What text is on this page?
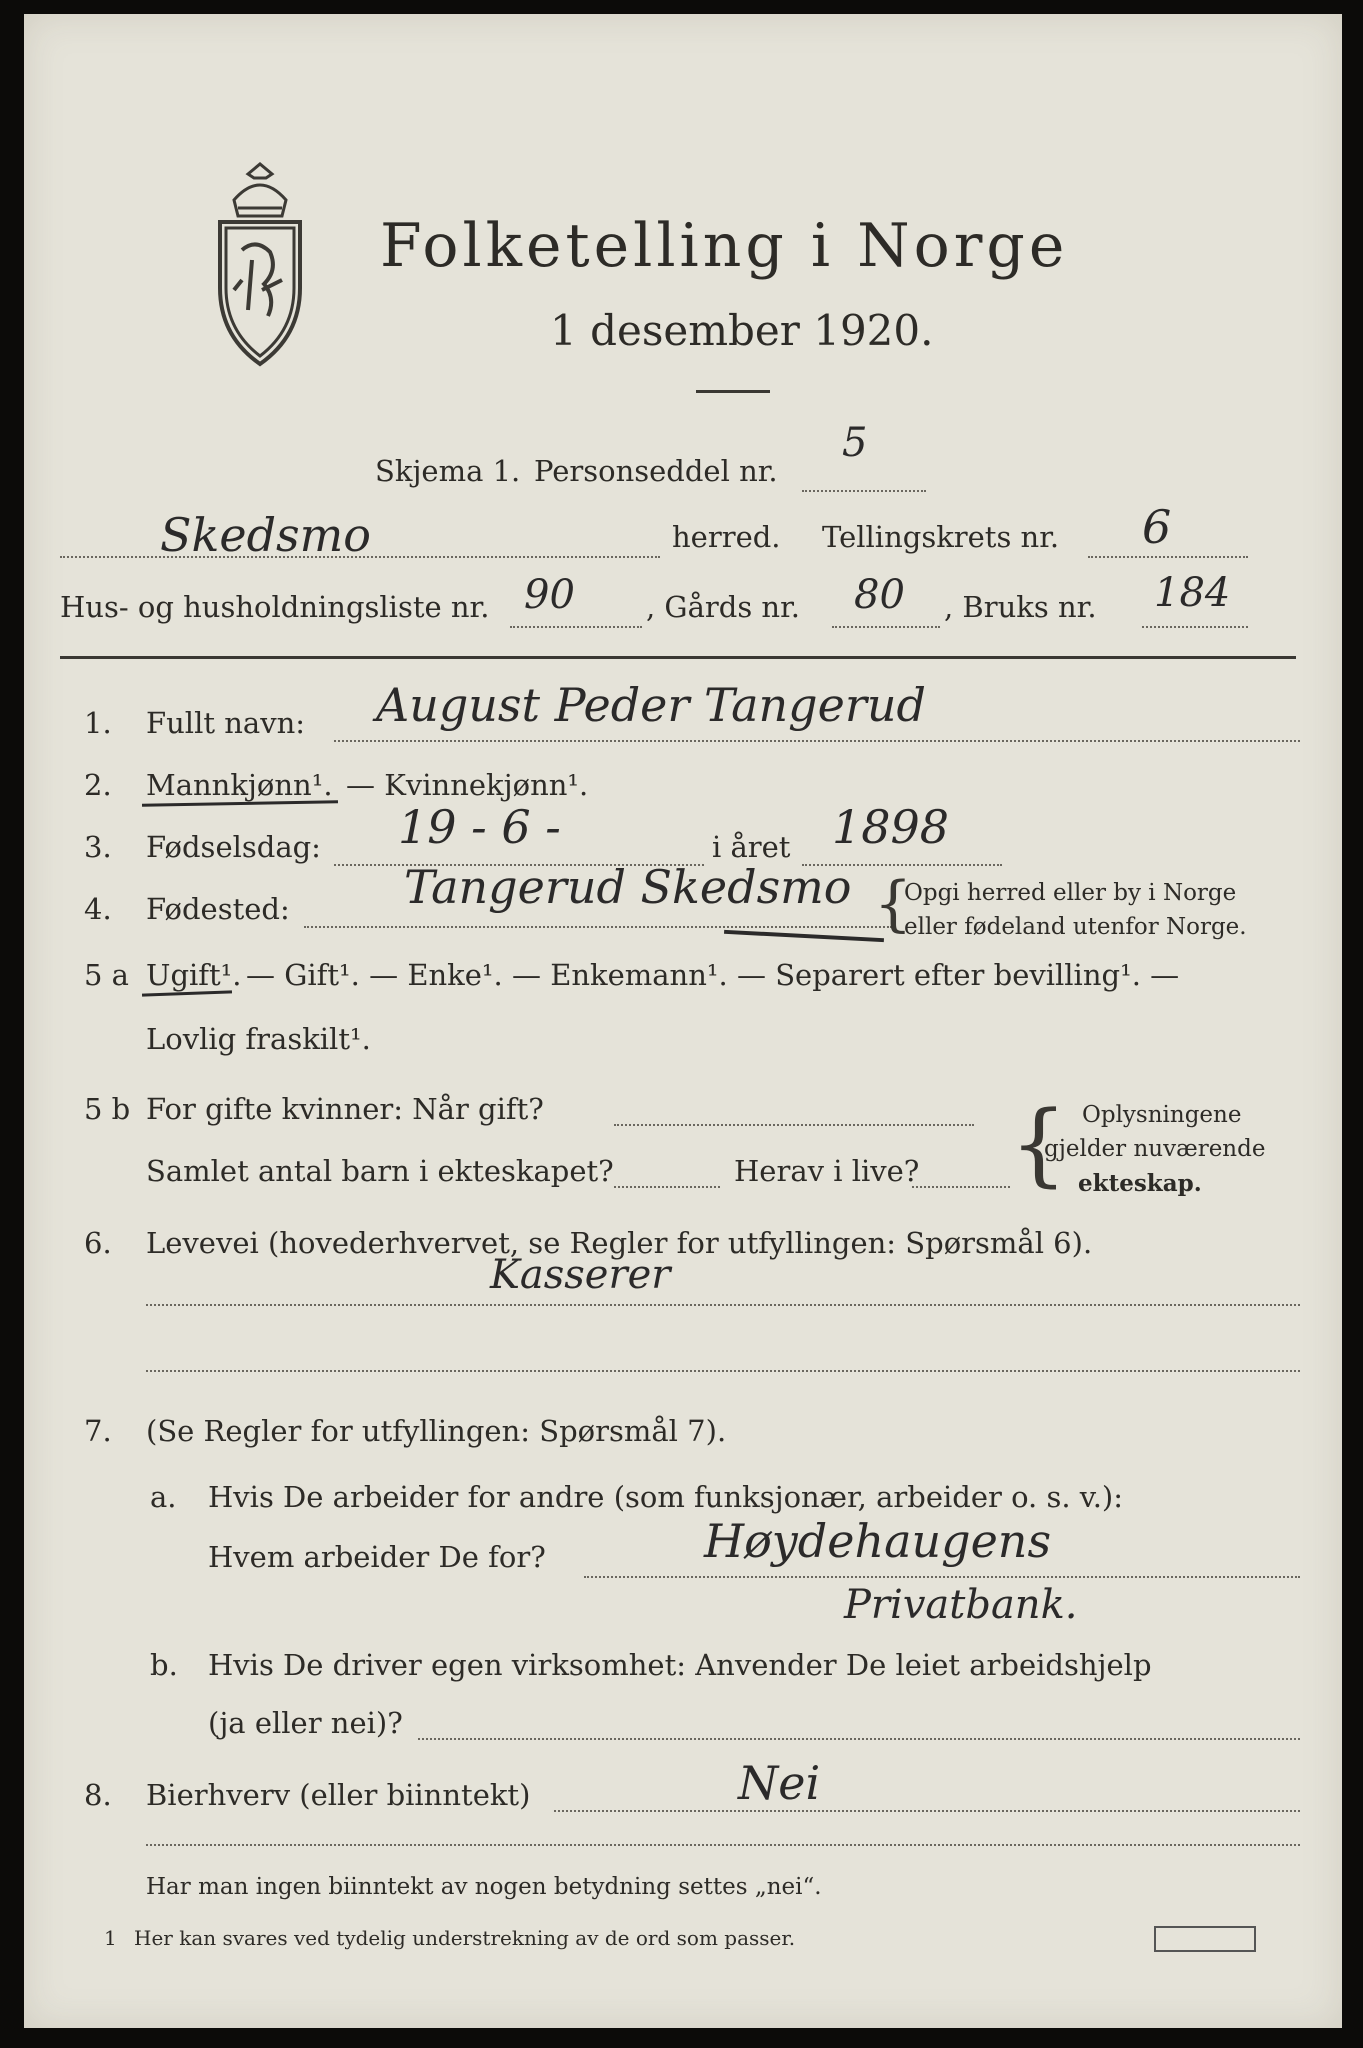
Folketelling i Norge
1 desember 1920.
Skjema 1. Personseddel nr.
5
Skedsmo	herred. Tellingskrets nr. 6
Hus- og husholdningsliste nr. 90 , Gårds nr. 80 , Bruks nr. 184
1. Fullt navn: August Peder Tangerud
2. Mannkjønn¹. — Kvinnekjønn¹.
3. Fødselsdag: 19 - 6 -	i året 1898
4. Fødested: Tangerud Skedsmo {
Opgi herred eller by i Norge
eller fødeland utenfor Norge.
5 a Ugift¹. — Gift¹. — Enke¹. — Enkemann¹. — Separert efter bevilling¹. —
Lovlig fraskilt¹.
5 b For gifte kvinner: Når gift?
Samlet antal barn i ekteskapet?	Herav i live? { Oplysningene
gjelder nuværende
ekteskap.
6. Levevei (hovederhvervet, se Regler for utfyllingen: Spørsmål 6).
Kasserer
7. (Se Regler for utfyllingen: Spørsmål 7).
a. Hvis De arbeider for andre (som funksjonær, arbeider o. s. v.):
Hvem arbeider De for?	Høydehaugens
Privatbank.
b. Hvis De driver egen virksomhet: Anvender De leiet arbeidshjelp
(ja eller nei)?
8. Bierhverv (eller biinntekt)	Nei
Har man ingen biinntekt av nogen betydning settes „nei“.
1 Her kan svares ved tydelig understrekning av de ord som passer.
